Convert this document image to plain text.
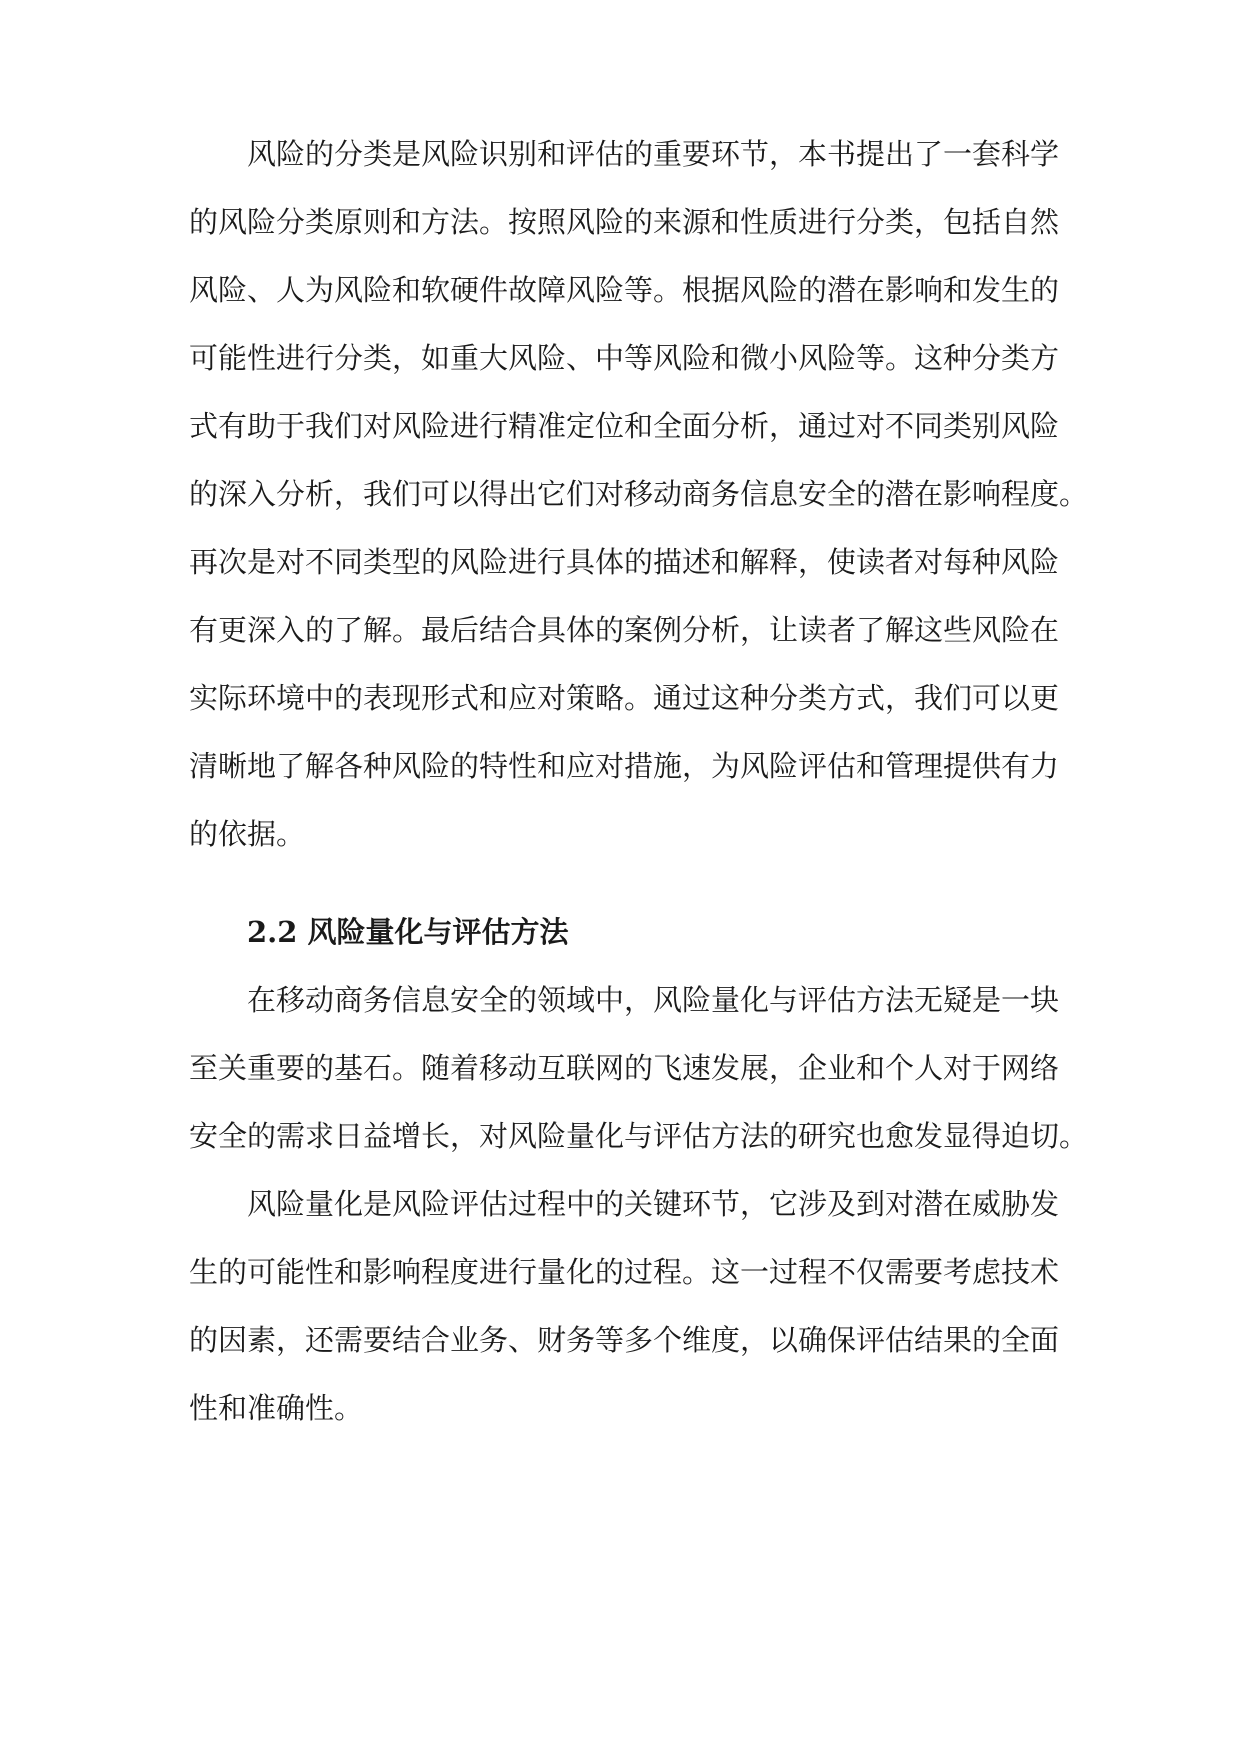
风险的分类是风险识别和评估的重要环节，本书提出了一套科学
的风险分类原则和方法。按照风险的来源和性质进行分类，包括自然
风险、人为风险和软硬件故障风险等。根据风险的潜在影响和发生的
可能性进行分类，如重大风险、中等风险和微小风险等。这种分类方
式有助于我们对风险进行精准定位和全面分析，通过对不同类别风险
的深入分析，我们可以得出它们对移动商务信息安全的潜在影响程度。
再次是对不同类型的风险进行具体的描述和解释，使读者对每种风险
有更深入的了解。最后结合具体的案例分析，让读者了解这些风险在
实际环境中的表现形式和应对策略。通过这种分类方式，我们可以更
清晰地了解各种风险的特性和应对措施，为风险评估和管理提供有力
的依据。
2.2 风险量化与评估方法
在移动商务信息安全的领域中，风险量化与评估方法无疑是一块
至关重要的基石。随着移动互联网的飞速发展，企业和个人对于网络
安全的需求日益增长，对风险量化与评估方法的研究也愈发显得迫切。
风险量化是风险评估过程中的关键环节，它涉及到对潜在威胁发
生的可能性和影响程度进行量化的过程。这一过程不仅需要考虑技术
的因素，还需要结合业务、财务等多个维度，以确保评估结果的全面
性和准确性。
